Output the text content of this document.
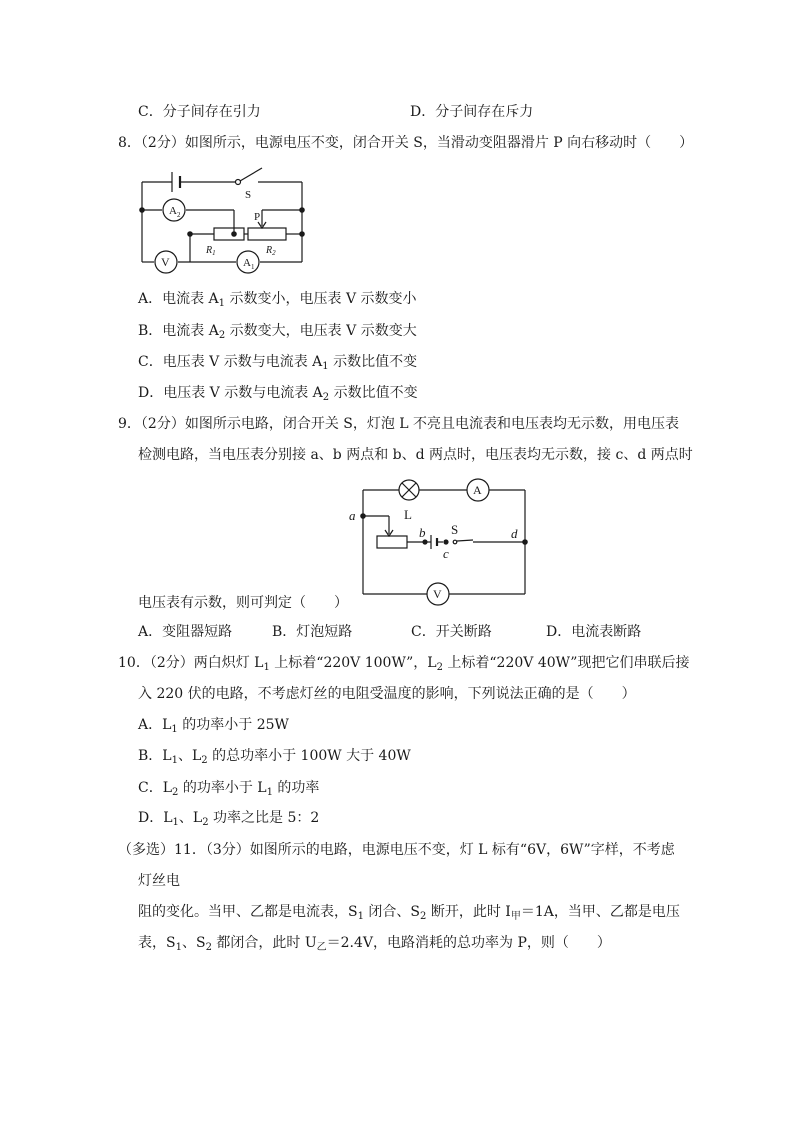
C．分子间存在引力	D．分子间存在斥力
8．（2分）如图所示，电源电压不变，闭合开关 S，当滑动变阻器滑片 P 向右移动时（　　）
S
P
$A_2$
V	$A_1$
$R_1$	$R_2$
A．电流表 $A_1$ 示数变小，电压表 V 示数变小
B．电流表 $A_2$ 示数变大，电压表 V 示数变大
C．电压表 V 示数与电流表 $A_1$ 示数比值不变
D．电压表 V 示数与电流表 $A_2$ 示数比值不变
9．（2分）如图所示电路，闭合开关 S，灯泡 L 不亮且电流表和电压表均无示数，用电压表
检测电路，当电压表分别接 a、b 两点和 b、d 两点时，电压表均无示数，接 c、d 两点时
L
A
a
b S
c
d
V
电压表有示数，则可判定（　　）
A．变阻器短路	B．灯泡短路	C．开关断路	D．电流表断路
10．（2分）两白炽灯 $L_1$ 上标着“220V 100W”，$L_2$ 上标着“220V 40W”现把它们串联后接
入 220 伏的电路，不考虑灯丝的电阻受温度的影响，下列说法正确的是（　　）
A．$L_1$ 的功率小于 25W
B．$L_1$、$L_2$ 的总功率小于 100W 大于 40W
C．$L_2$ 的功率小于 $L_1$ 的功率
D．$L_1$、$L_2$ 功率之比是 5：2
（多选）11．（3分）如图所示的电路，电源电压不变，灯 L 标有“6V，6W”字样，不考虑
灯丝电
阻的变化。当甲、乙都是电流表，$S_1$ 闭合、$S_2$ 断开，此时 $I_甲=1A$，当甲、乙都是电压
表，$S_1$、$S_2$ 都闭合，此时 $U_乙=2.4V$，电路消耗的总功率为 P，则（　　）
